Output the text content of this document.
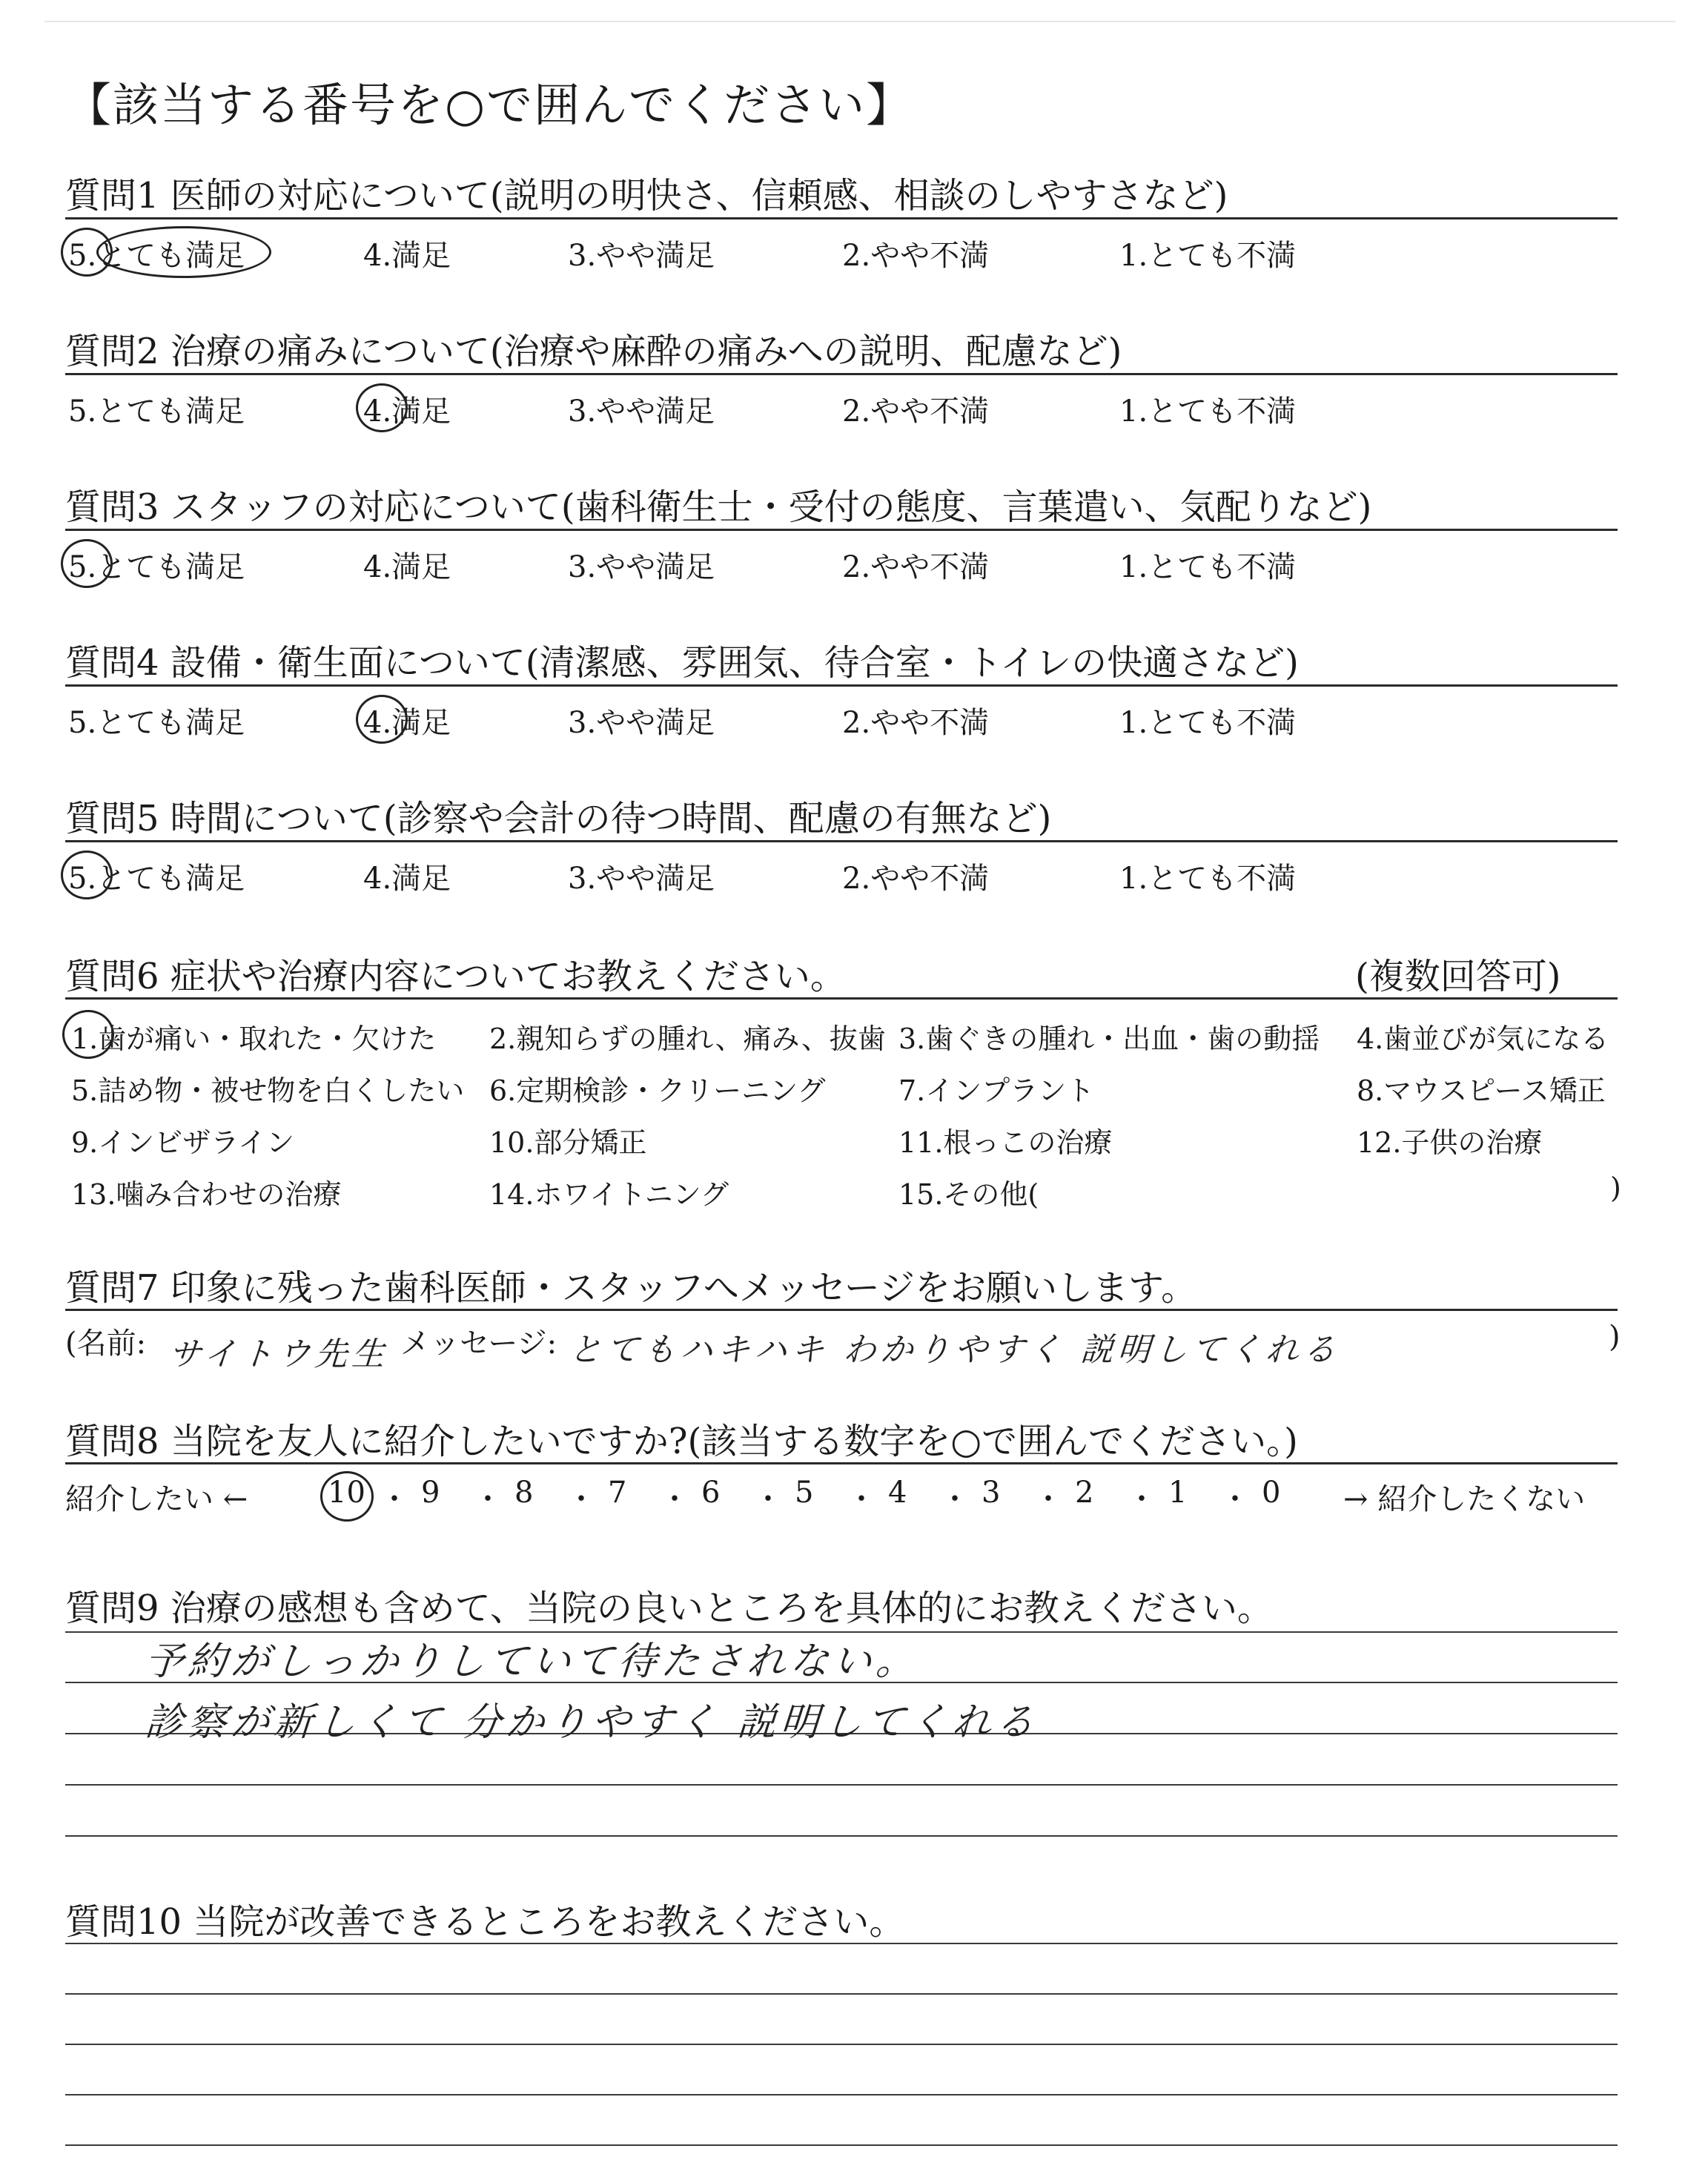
【該当する番号を○で囲んでください】
質問1 医師の対応について(説明の明快さ、信頼感、相談のしやすさなど)
5.とても満足	4.満足	3.やや満足	2.やや不満	1.とても不満
質問2 治療の痛みについて(治療や麻酔の痛みへの説明、配慮など)
5.とても満足	4.満足	3.やや満足	2.やや不満	1.とても不満
質問3 スタッフの対応について(歯科衛生士・受付の態度、言葉遣い、気配りなど)
5.とても満足	4.満足	3.やや満足	2.やや不満	1.とても不満
質問4 設備・衛生面について(清潔感、雰囲気、待合室・トイレの快適さなど)
5.とても満足	4.満足	3.やや満足	2.やや不満	1.とても不満
質問5 時間について(診察や会計の待つ時間、配慮の有無など)
5.とても満足	4.満足	3.やや満足	2.やや不満	1.とても不満
質問6 症状や治療内容についてお教えください。	(複数回答可)
1.歯が痛い・取れた・欠けた 2.親知らずの腫れ、痛み、抜歯 3.歯ぐきの腫れ・出血・歯の動揺 4.歯並びが気になる
5.詰め物・被せ物を白くしたい 6.定期検診・クリーニング	7.インプラント	8.マウスピース矯正
9.インビザライン	10.部分矯正	11.根っこの治療	12.子供の治療
13.噛み合わせの治療	14.ホワイトニング	15.その他(	)
質問7 印象に残った歯科医師・スタッフへメッセージをお願いします。
(名前: サイトウ先生 メッセージ: とてもハキハキ わかりやすく 説明してくれる	)
質問8 当院を友人に紹介したいですか?(該当する数字を○で囲んでください。)
紹介したい ←	10 ・ 9 ・ 8 ・ 7 ・ 6 ・ 5 ・ 4 ・ 3 ・ 2 ・ 1 ・ 0 → 紹介したくない
質問9 治療の感想も含めて、当院の良いところを具体的にお教えください。
予約がしっかりしていて待たされない。
診察が新しくて 分かりやすく 説明してくれる
質問10 当院が改善できるところをお教えください。
